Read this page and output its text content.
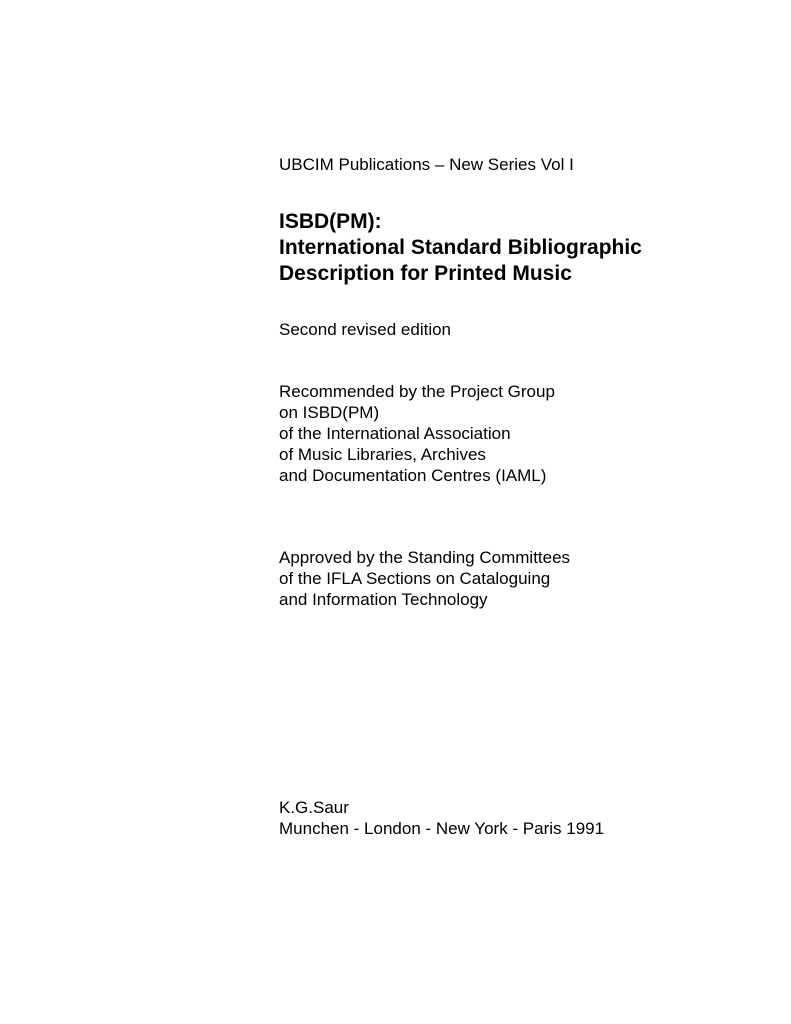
UBCIM Publications – New Series Vol I

ISBD(PM):

International Standard Bibliographic

Description for Printed Music

Second revised edition

Recommended by the Project Group

on ISBD(PM)

of the International Association

of Music Libraries, Archives

and Documentation Centres (IAML)

Approved by the Standing Committees

of the IFLA Sections on Cataloguing

and Information Technology

K.G.Saur

Munchen - London - New York - Paris 1991
